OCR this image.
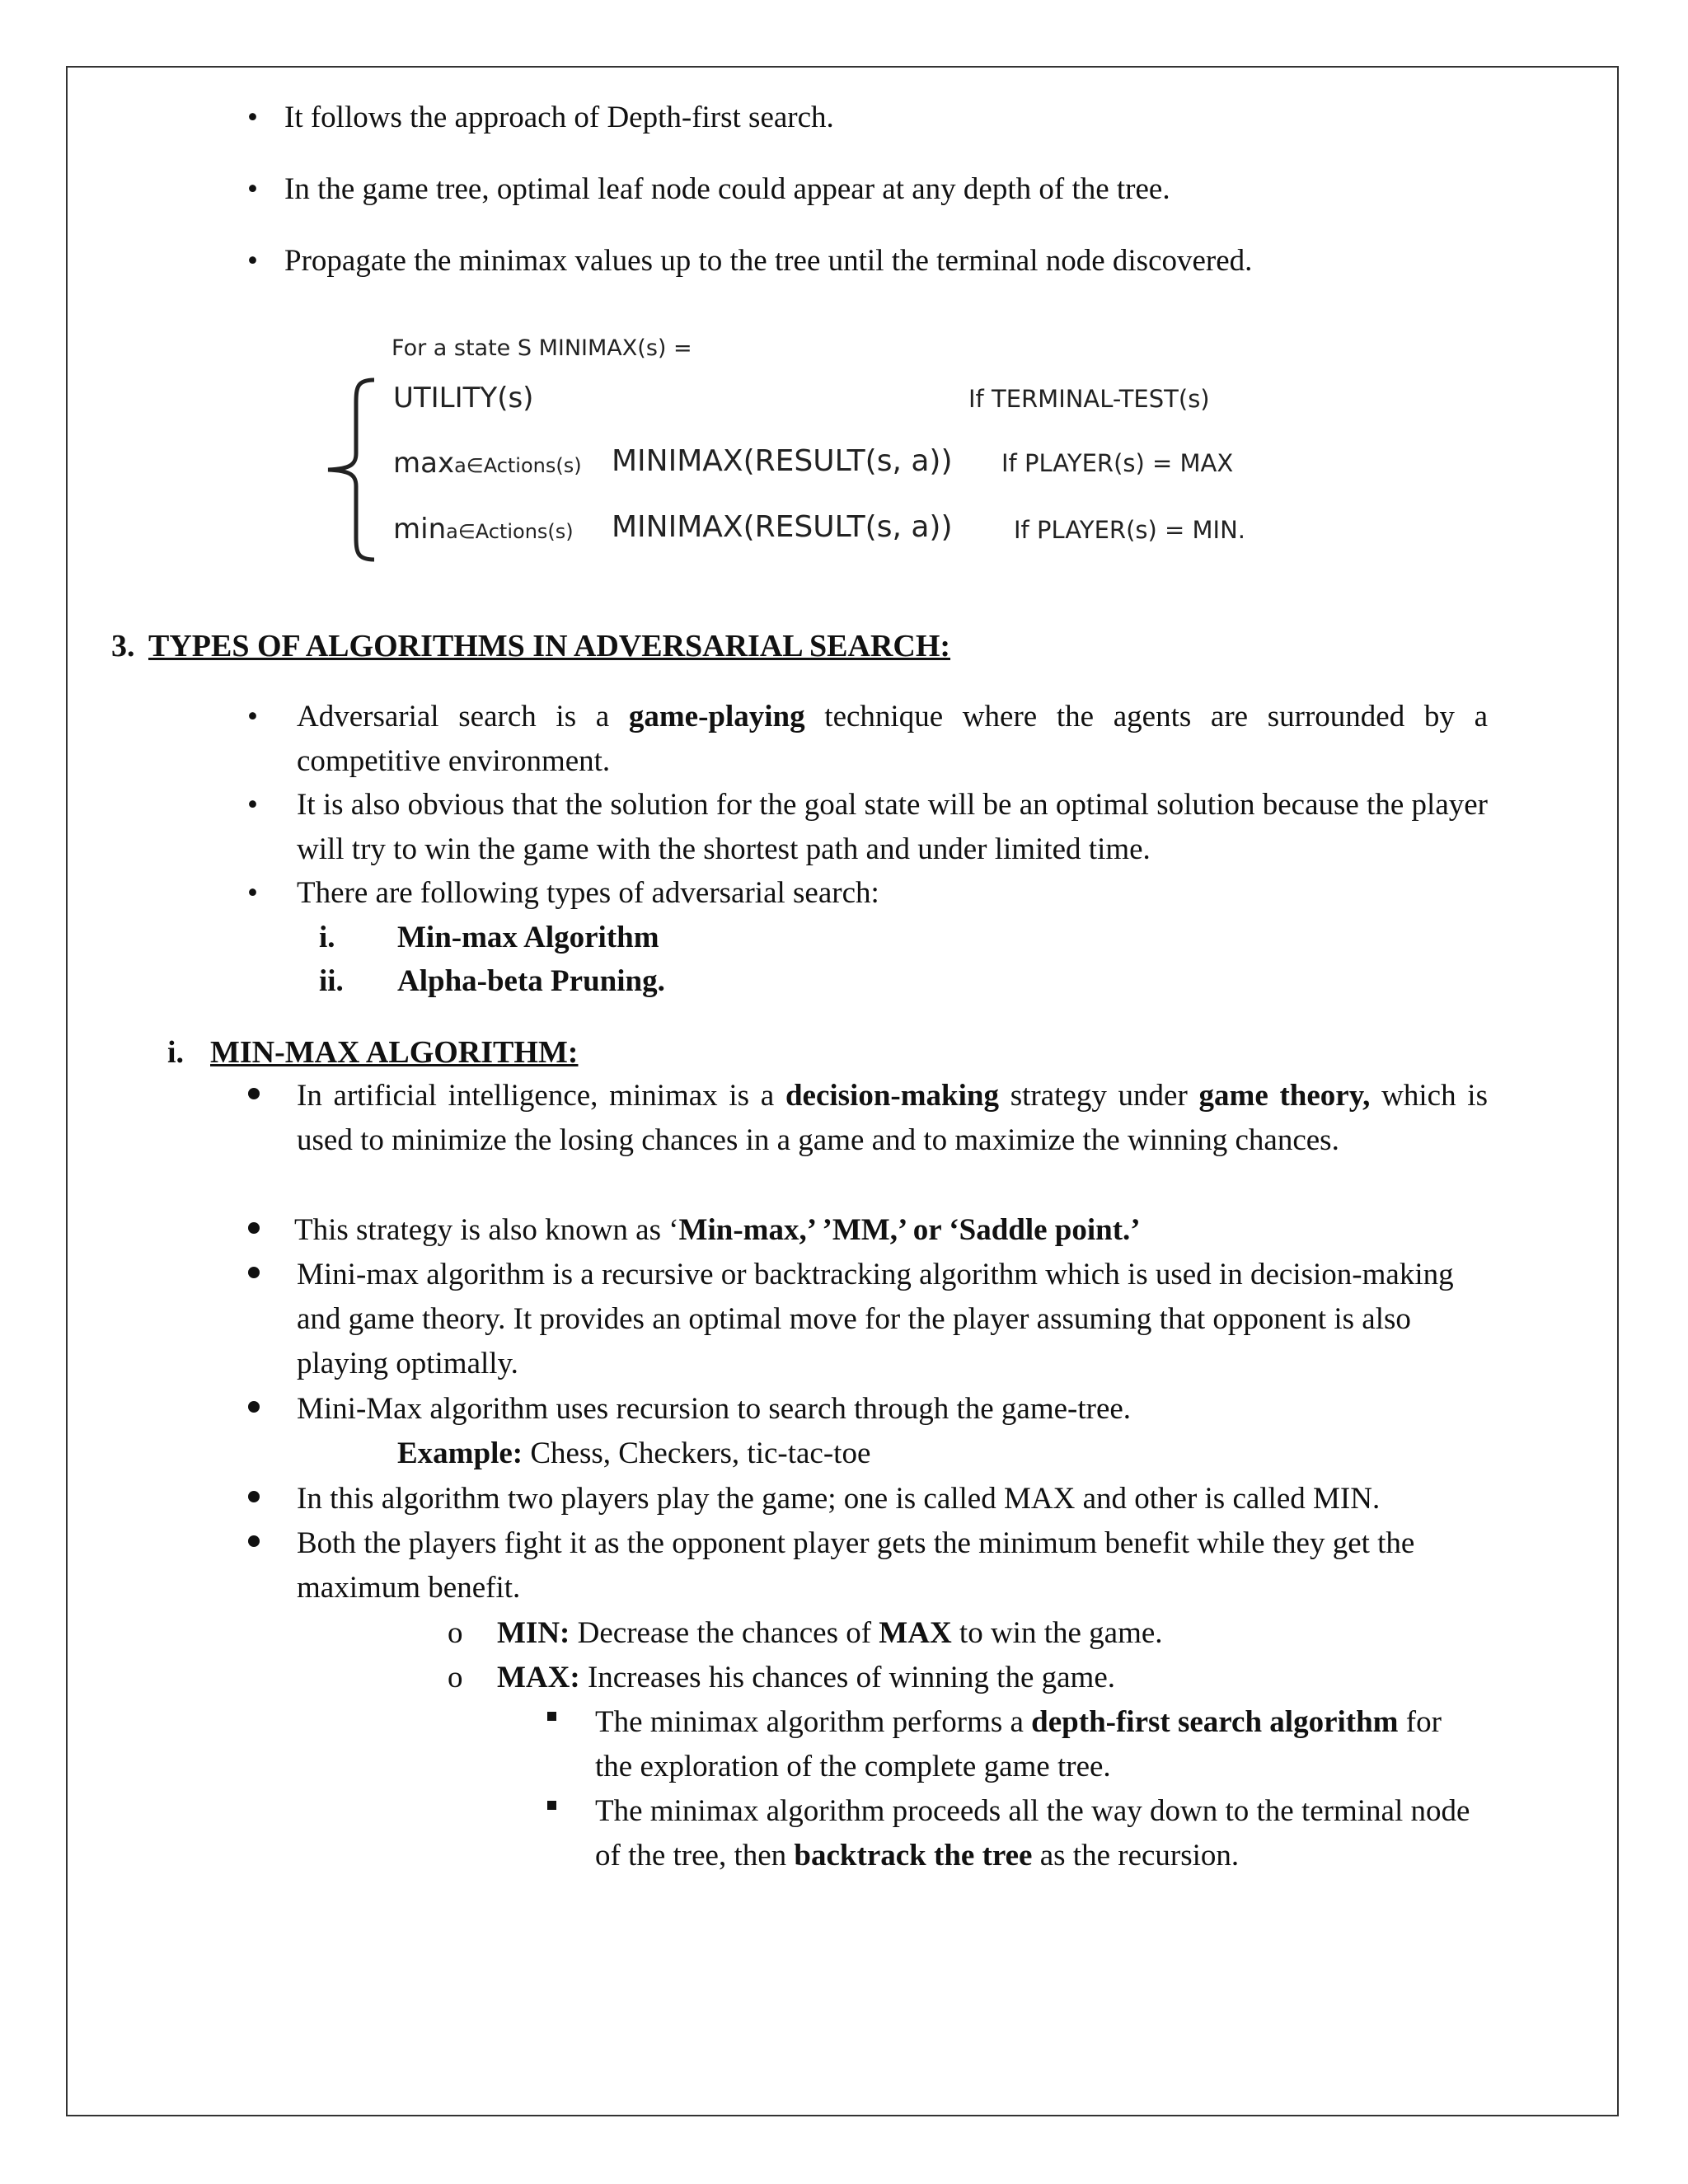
• It follows the approach of Depth-first search.
• In the game tree, optimal leaf node could appear at any depth of the tree.
• Propagate the minimax values up to the tree until the terminal node discovered.
For a state S MINIMAX(s) =
UTILITY(s)	If TERMINAL-TEST(s)
maxa∈Actions(s) MINIMAX(RESULT(s, a)) If PLAYER(s) = MAX
mina∈Actions(s) MINIMAX(RESULT(s, a))	If PLAYER(s) = MIN.
3. TYPES OF ALGORITHMS IN ADVERSARIAL SEARCH:
• Adversarial search is a game-playing technique where the agents are surrounded by a competitive environment.
• It is also obvious that the solution for the goal state will be an optimal solution because the player will try to win the game with the shortest path and under limited time.
• There are following types of adversarial search:
i. Min-max Algorithm
ii. Alpha-beta Pruning.
i. MIN-MAX ALGORITHM:
In artificial intelligence, minimax is a decision-making strategy under game theory, which is used to minimize the losing chances in a game and to maximize the winning chances.
This strategy is also known as ‘Min-max,’ ’MM,’ or ‘Saddle point.’
Mini-max algorithm is a recursive or backtracking algorithm which is used in decision-making and game theory. It provides an optimal move for the player assuming that opponent is also playing optimally.
Mini-Max algorithm uses recursion to search through the game-tree.
Example: Chess, Checkers, tic-tac-toe
In this algorithm two players play the game; one is called MAX and other is called MIN.
Both the players fight it as the opponent player gets the minimum benefit while they get the maximum benefit.
o MIN: Decrease the chances of MAX to win the game.
o MAX: Increases his chances of winning the game.
The minimax algorithm performs a depth-first search algorithm for the exploration of the complete game tree.
The minimax algorithm proceeds all the way down to the terminal node of the tree, then backtrack the tree as the recursion.
